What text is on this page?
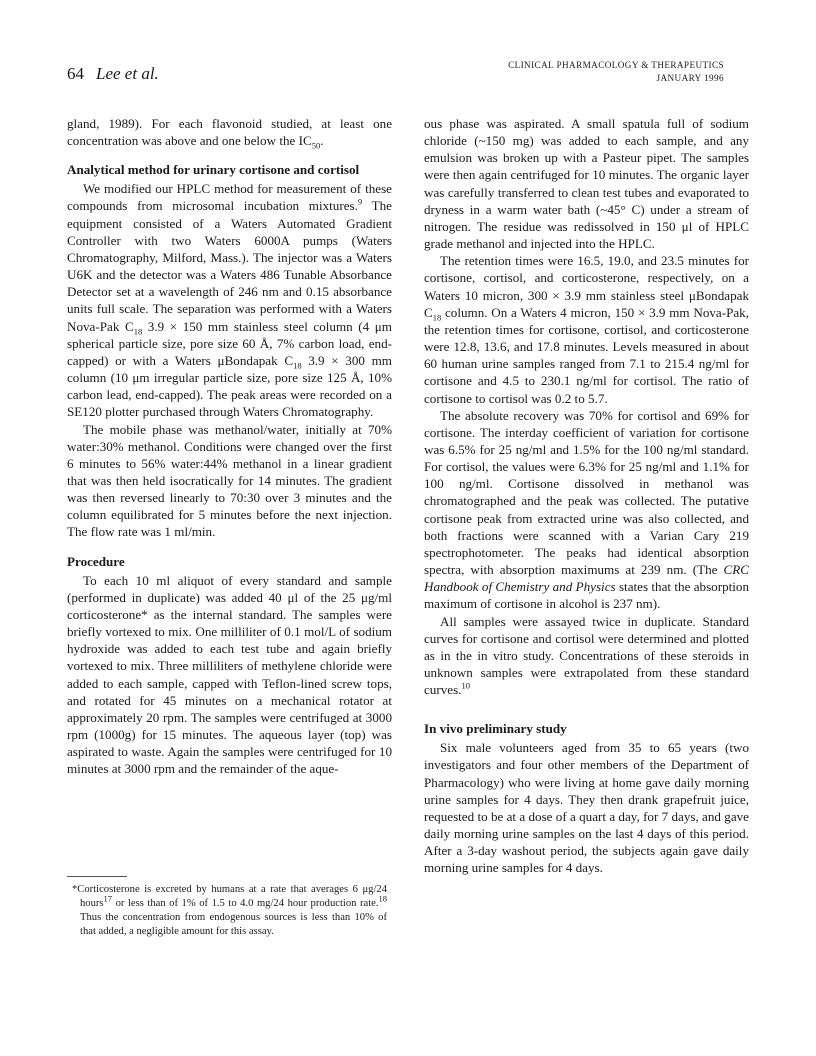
64 Lee et al.	CLINICAL PHARMACOLOGY & THERAPEUTICS
JANUARY 1996

gland, 1989). For each flavonoid studied, at least one concentration was above and one below the $IC_{50}$.

Analytical method for urinary cortisone and cortisol

We modified our HPLC method for measurement of these compounds from microsomal incubation mixtures.$^9$ The equipment consisted of a Waters Automated Gradient Controller with two Waters 6000A pumps (Waters Chromatography, Milford, Mass.). The injector was a Waters U6K and the detector was a Waters 486 Tunable Absorbance Detector set at a wavelength of 246 nm and 0.15 absorbance units full scale. The separation was performed with a Waters Nova-Pak $C_{18}$ 3.9 × 150 mm stainless steel column (4 μm spherical particle size, pore size 60 Å, 7% carbon load, end-capped) or with a Waters μBondapak $C_{18}$ 3.9 × 300 mm column (10 μm irregular particle size, pore size 125 Å, 10% carbon lead, end-capped). The peak areas were recorded on a SE120 plotter purchased through Waters Chromatography.

The mobile phase was methanol/water, initially at 70% water:30% methanol. Conditions were changed over the first 6 minutes to 56% water:44% methanol in a linear gradient that was then held isocratically for 14 minutes. The gradient was then reversed linearly to 70:30 over 3 minutes and the column equilibrated for 5 minutes before the next injection. The flow rate was 1 ml/min.

Procedure

To each 10 ml aliquot of every standard and sample (performed in duplicate) was added 40 μl of the 25 μg/ml corticosterone* as the internal standard. The samples were briefly vortexed to mix. One milliliter of 0.1 mol/L of sodium hydroxide was added to each test tube and again briefly vortexed to mix. Three milliliters of methylene chloride were added to each sample, capped with Teflon-lined screw tops, and rotated for 45 minutes on a mechanical rotator at approximately 20 rpm. The samples were centrifuged at 3000 rpm (1000g) for 15 minutes. The aqueous layer (top) was aspirated to waste. Again the samples were centrifuged for 10 minutes at 3000 rpm and the remainder of the aque-

*Corticosterone is excreted by humans at a rate that averages 6 μg/24 hours$^{17}$ or less than of 1% of 1.5 to 4.0 mg/24 hour production rate.$^{18}$ Thus the concentration from endogenous sources is less than 10% of that added, a negligible amount for this assay.

ous phase was aspirated. A small spatula full of sodium chloride (~150 mg) was added to each sample, and any emulsion was broken up with a Pasteur pipet. The samples were then again centrifuged for 10 minutes. The organic layer was carefully transferred to clean test tubes and evaporated to dryness in a warm water bath (~45° C) under a stream of nitrogen. The residue was redissolved in 150 μl of HPLC grade methanol and injected into the HPLC.

The retention times were 16.5, 19.0, and 23.5 minutes for cortisone, cortisol, and corticosterone, respectively, on a Waters 10 micron, 300 × 3.9 mm stainless steel μBondapak $C_{18}$ column. On a Waters 4 micron, 150 × 3.9 mm Nova-Pak, the retention times for cortisone, cortisol, and corticosterone were 12.8, 13.6, and 17.8 minutes. Levels measured in about 60 human urine samples ranged from 7.1 to 215.4 ng/ml for cortisone and 4.5 to 230.1 ng/ml for cortisol. The ratio of cortisone to cortisol was 0.2 to 5.7.

The absolute recovery was 70% for cortisol and 69% for cortisone. The interday coefficient of variation for cortisone was 6.5% for 25 ng/ml and 1.5% for the 100 ng/ml standard. For cortisol, the values were 6.3% for 25 ng/ml and 1.1% for 100 ng/ml. Cortisone dissolved in methanol was chromatographed and the peak was collected. The putative cortisone peak from extracted urine was also collected, and both fractions were scanned with a Varian Cary 219 spectrophotometer. The peaks had identical absorption spectra, with absorption maximums at 239 nm. (The CRC Handbook of Chemistry and Physics states that the absorption maximum of cortisone in alcohol is 237 nm).

All samples were assayed twice in duplicate. Standard curves for cortisone and cortisol were determined and plotted as in the in vitro study. Concentrations of these steroids in unknown samples were extrapolated from these standard curves.$^{10}$

In vivo preliminary study

Six male volunteers aged from 35 to 65 years (two investigators and four other members of the Department of Pharmacology) who were living at home gave daily morning urine samples for 4 days. They then drank grapefruit juice, requested to be at a dose of a quart a day, for 7 days, and gave daily morning urine samples on the last 4 days of this period. After a 3-day washout period, the subjects again gave daily morning urine samples for 4 days.
